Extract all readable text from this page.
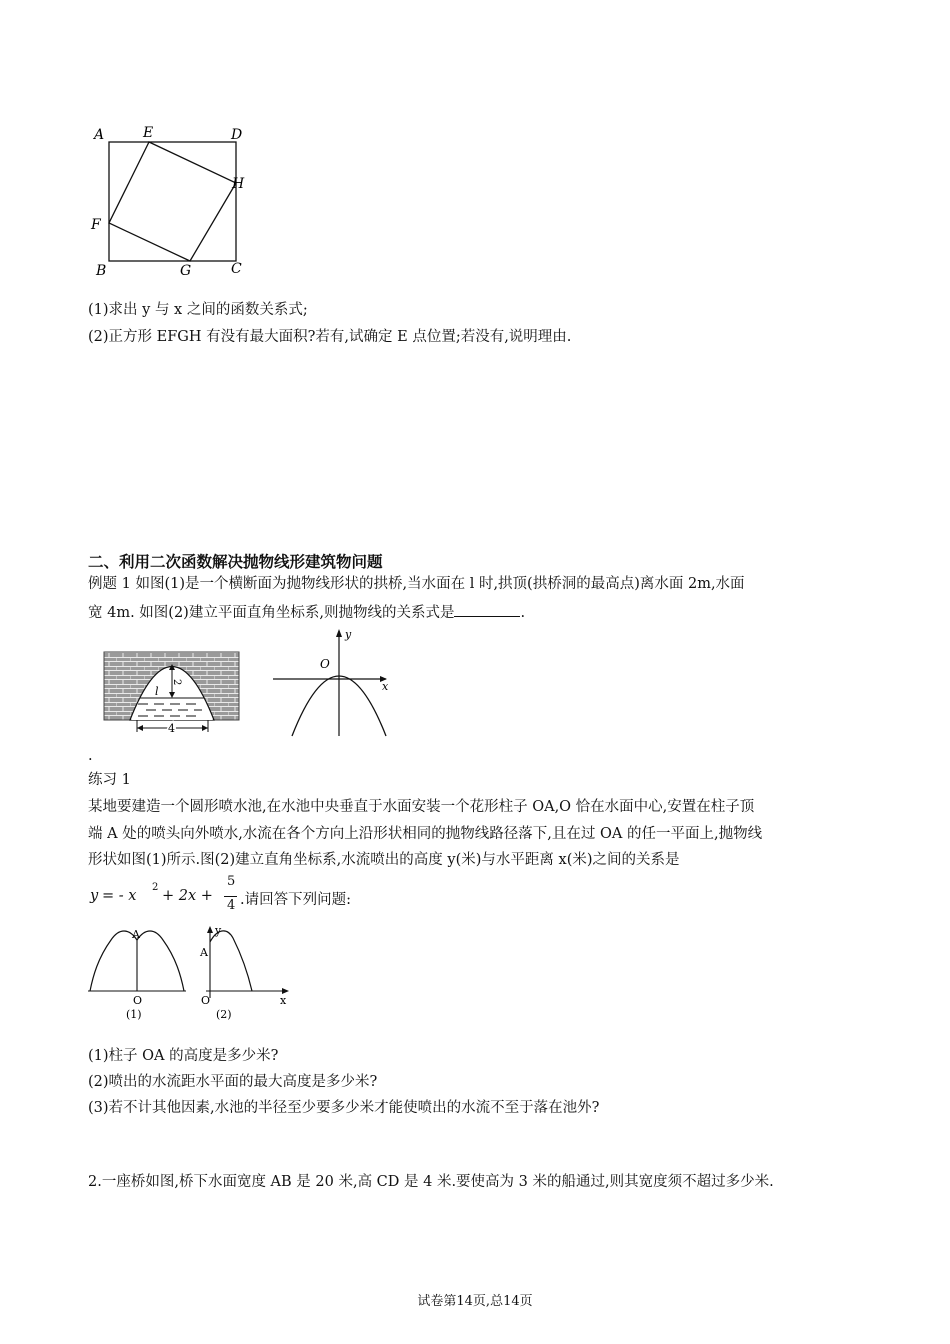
A	E	D
H
F
B	G	C
(1)求出 y 与 x 之间的函数关系式;
(2)正方形 EFGH 有没有最大面积?若有,试确定 E 点位置;若没有,说明理由.
二、利用二次函数解决抛物线形建筑物问题
例题 1 如图(1)是一个横断面为抛物线形状的拱桥,当水面在 l 时,拱顶(拱桥洞的最高点)离水面 2m,水面
宽 4m. 如图(2)建立平面直角坐标系,则抛物线的关系式是	.
2
l
4
O
x
y
.
练习 1
某地要建造一个圆形喷水池,在水池中央垂直于水面安装一个花形柱子 OA,O 恰在水面中心,安置在柱子顶
端 A 处的喷头向外喷水,水流在各个方向上沿形状相同的抛物线路径落下,且在过 OA 的任一平面上,抛物线
形状如图(1)所示.图(2)建立直角坐标系,水流喷出的高度 y(米)与水平距离 x(米)之间的关系是
y = - x
2
+ 2x +
5
4 .请回答下列问题:
A
O
(1)
A
y
O	x
(2)
(1)柱子 OA 的高度是多少米?
(2)喷出的水流距水平面的最大高度是多少米?
(3)若不计其他因素,水池的半径至少要多少米才能使喷出的水流不至于落在池外?
2.一座桥如图,桥下水面宽度 AB 是 20 米,高 CD 是 4 米.要使高为 3 米的船通过,则其宽度须不超过多少米.
试卷第14页,总14页
